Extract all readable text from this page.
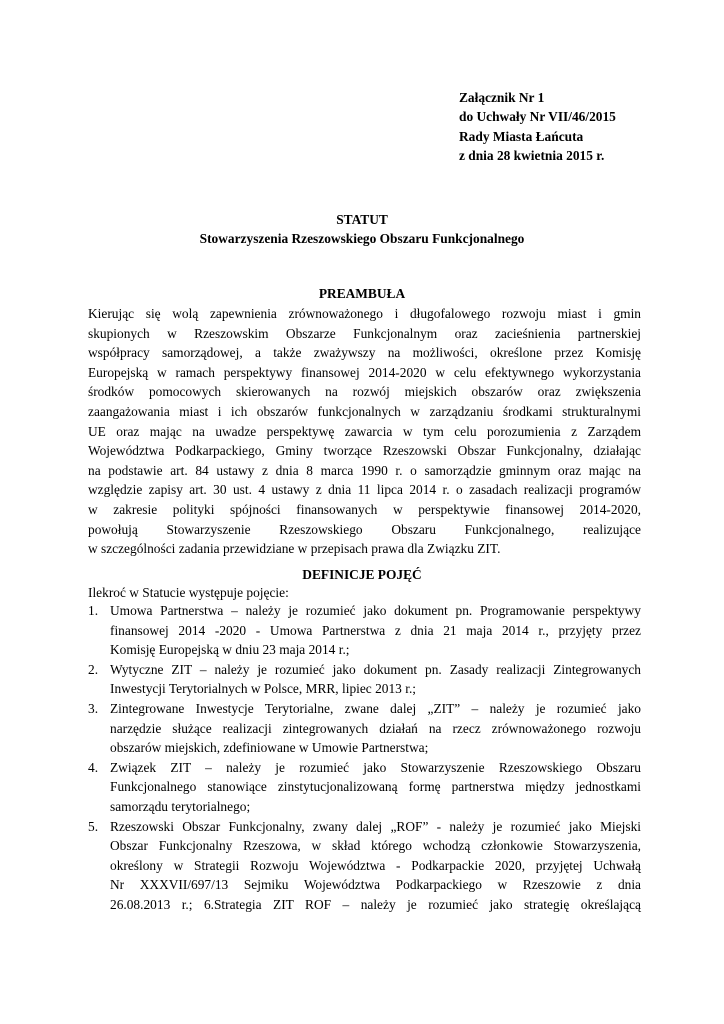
Załącznik Nr 1
do Uchwały Nr VII/46/2015
Rady Miasta Łańcuta
z dnia 28 kwietnia 2015 r.
STATUT
Stowarzyszenia Rzeszowskiego Obszaru Funkcjonalnego
PREAMBUŁA
Kierując się wolą zapewnienia zrównoważonego i długofalowego rozwoju miast i gmin
skupionych w Rzeszowskim Obszarze Funkcjonalnym oraz zacieśnienia partnerskiej
współpracy samorządowej, a także zważywszy na możliwości, określone przez Komisję
Europejską w ramach perspektywy finansowej 2014-2020 w celu efektywnego wykorzystania
środków pomocowych skierowanych na rozwój miejskich obszarów oraz zwiększenia
zaangażowania miast i ich obszarów funkcjonalnych w zarządzaniu środkami strukturalnymi
UE oraz mając na uwadze perspektywę zawarcia w tym celu porozumienia z Zarządem
Województwa Podkarpackiego, Gminy tworzące Rzeszowski Obszar Funkcjonalny, działając
na podstawie art. 84 ustawy z dnia 8 marca 1990 r. o samorządzie gminnym oraz mając na
względzie zapisy art. 30 ust. 4 ustawy z dnia 11 lipca 2014 r. o zasadach realizacji programów
w zakresie polityki spójności finansowanych w perspektywie finansowej 2014-2020,
powołują Stowarzyszenie Rzeszowskiego Obszaru Funkcjonalnego, realizujące
w szczególności zadania przewidziane w przepisach prawa dla Związku ZIT.
DEFINICJE POJĘĆ
Ilekroć w Statucie występuje pojęcie:
1. Umowa Partnerstwa – należy je rozumieć jako dokument pn. Programowanie perspektywy
finansowej 2014 -2020 - Umowa Partnerstwa z dnia 21 maja 2014 r., przyjęty przez
Komisję Europejską w dniu 23 maja 2014 r.;
2. Wytyczne ZIT – należy je rozumieć jako dokument pn. Zasady realizacji Zintegrowanych
Inwestycji Terytorialnych w Polsce, MRR, lipiec 2013 r.;
3. Zintegrowane Inwestycje Terytorialne, zwane dalej „ZIT” – należy je rozumieć jako
narzędzie służące realizacji zintegrowanych działań na rzecz zrównoważonego rozwoju
obszarów miejskich, zdefiniowane w Umowie Partnerstwa;
4. Związek ZIT – należy je rozumieć jako Stowarzyszenie Rzeszowskiego Obszaru
Funkcjonalnego stanowiące zinstytucjonalizowaną formę partnerstwa między jednostkami
samorządu terytorialnego;
5. Rzeszowski Obszar Funkcjonalny, zwany dalej „ROF” - należy je rozumieć jako Miejski
Obszar Funkcjonalny Rzeszowa, w skład którego wchodzą członkowie Stowarzyszenia,
określony w Strategii Rozwoju Województwa - Podkarpackie 2020, przyjętej Uchwałą
Nr XXXVII/697/13 Sejmiku Województwa Podkarpackiego w Rzeszowie z dnia
26.08.2013 r.; 6.Strategia ZIT ROF – należy je rozumieć jako strategię określającą
